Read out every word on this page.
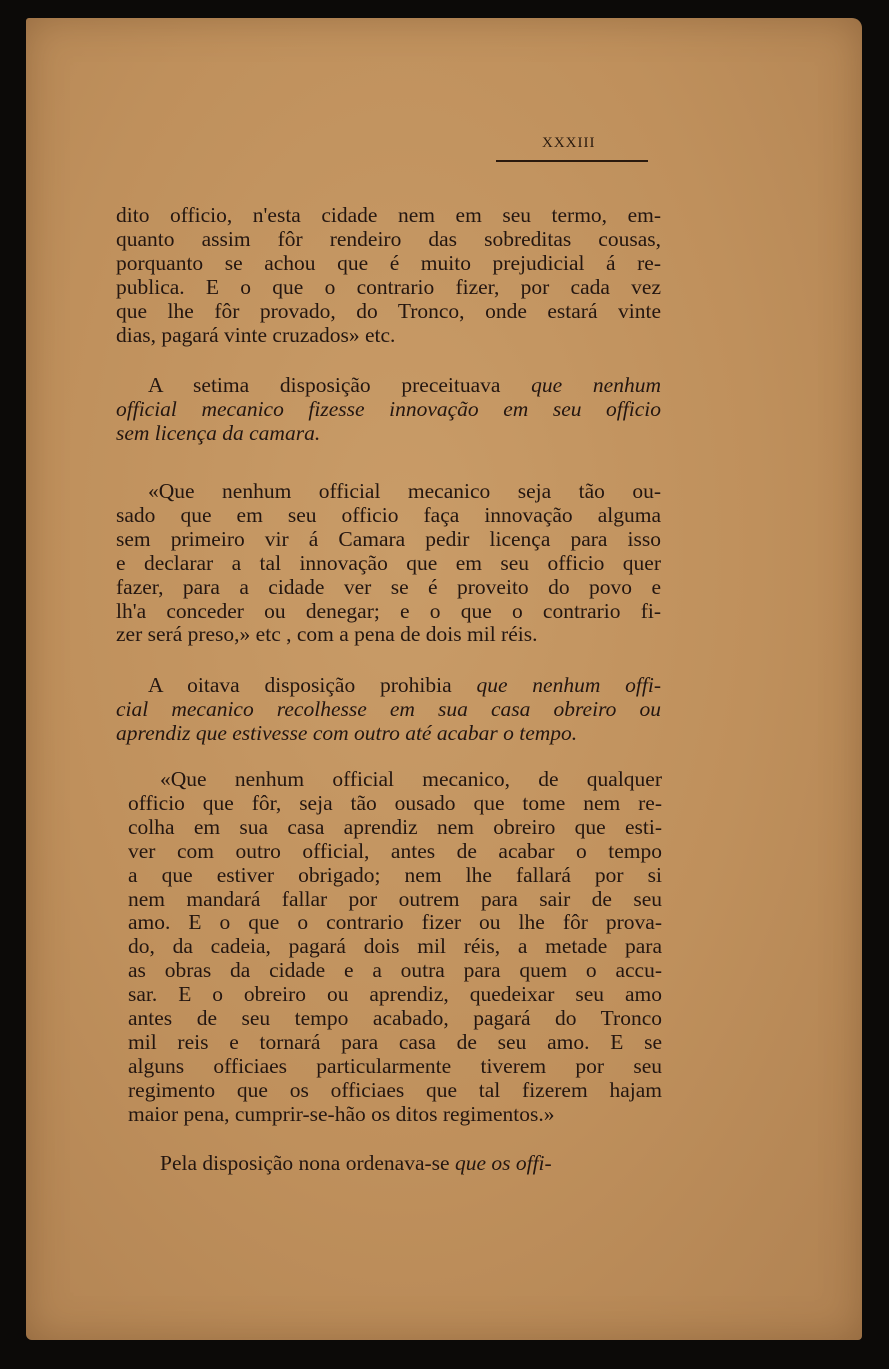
XXXIII
dito officio, n'esta cidade nem em seu termo, em-
quanto assim fôr rendeiro das sobreditas cousas,
porquanto se achou que é muito prejudicial á re-
publica. E o que o contrario fizer, por cada vez
que lhe fôr provado, do Tronco, onde estará vinte
dias, pagará vinte cruzados» etc.
A setima disposição preceituava que nenhum
official mecanico fizesse innovação em seu officio
sem licença da camara.
«Que nenhum official mecanico seja tão ou-
sado que em seu officio faça innovação alguma
sem primeiro vir á Camara pedir licença para isso
e declarar a tal innovação que em seu officio quer
fazer, para a cidade ver se é proveito do povo e
lh'a conceder ou denegar; e o que o contrario fi-
zer será preso,» etc , com a pena de dois mil réis.
A oitava disposição prohibia que nenhum offi-
cial mecanico recolhesse em sua casa obreiro ou
aprendiz que estivesse com outro até acabar o tempo.
«Que nenhum official mecanico, de qualquer
officio que fôr, seja tão ousado que tome nem re-
colha em sua casa aprendiz nem obreiro que esti-
ver com outro official, antes de acabar o tempo
a que estiver obrigado; nem lhe fallará por si
nem mandará fallar por outrem para sair de seu
amo. E o que o contrario fizer ou lhe fôr prova-
do, da cadeia, pagará dois mil réis, a metade para
as obras da cidade e a outra para quem o accu-
sar. E o obreiro ou aprendiz, quedeixar seu amo
antes de seu tempo acabado, pagará do Tronco
mil reis e tornará para casa de seu amo. E se
alguns officiaes particularmente tiverem por seu
regimento que os officiaes que tal fizerem hajam
maior pena, cumprir-se-hão os ditos regimentos.»
Pela disposição nona ordenava-se que os offi-
